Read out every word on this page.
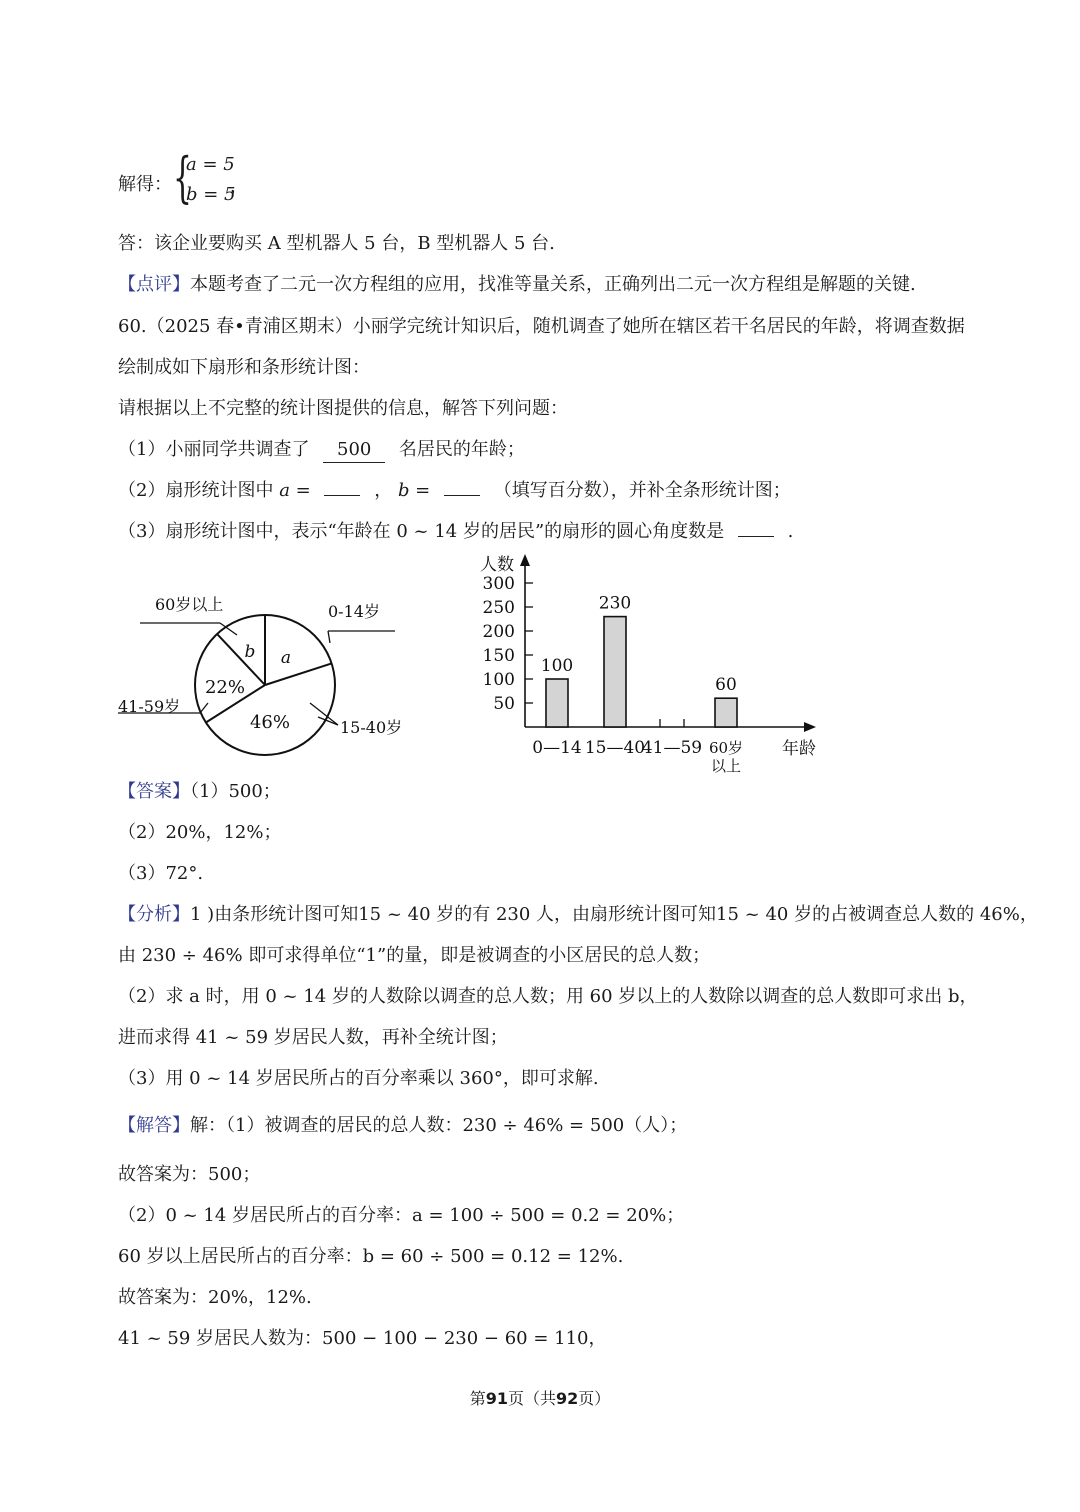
解得： {
a = 5
b = 5
，
答：该企业要购买 A 型机器人 5 台，B 型机器人 5 台.
【点评】本题考查了二元一次方程组的应用，找准等量关系，正确列出二元一次方程组是解题的关键.
60.（2025 春•青浦区期末）小丽学完统计知识后，随机调查了她所在辖区若干名居民的年龄，将调查数据
绘制成如下扇形和条形统计图：
请根据以上不完整的统计图提供的信息，解答下列问题：
（1）小丽同学共调查了 500 名居民的年龄；
（2）扇形统计图中 a =	， b =	（填写百分数），并补全条形统计图；
（3）扇形统计图中，表示“年龄在 0 ~ 14 岁的居民”的扇形的圆心角度数是	.
0-14岁
a
15-40岁
46%
41-59岁
22%
60岁以上
b
人数
年龄
50
100
150
200
250
300
100
0—14
230
15—40
41—59
60
60岁
以上
【答案】（1）500；
（2）20%，12%；
（3）72°.
【分析】1 )由条形统计图可知15 ~ 40 岁的有 230 人，由扇形统计图可知15 ~ 40 岁的占被调查总人数的 46%，
由 230 ÷ 46% 即可求得单位“1”的量，即是被调查的小区居民的总人数；
（2）求 a 时，用 0 ~ 14 岁的人数除以调查的总人数；用 60 岁以上的人数除以调查的总人数即可求出 b，
进而求得 41 ~ 59 岁居民人数，再补全统计图；
（3）用 0 ~ 14 岁居民所占的百分率乘以 360°，即可求解.
【解答】解：（1）被调查的居民的总人数：230 ÷ 46% = 500（人）；
故答案为：500；
（2）0 ~ 14 岁居民所占的百分率：a = 100 ÷ 500 = 0.2 = 20%；
60 岁以上居民所占的百分率：b = 60 ÷ 500 = 0.12 = 12%.
故答案为：20%，12%.
41 ~ 59 岁居民人数为：500 − 100 − 230 − 60 = 110，
第91页（共92页）
